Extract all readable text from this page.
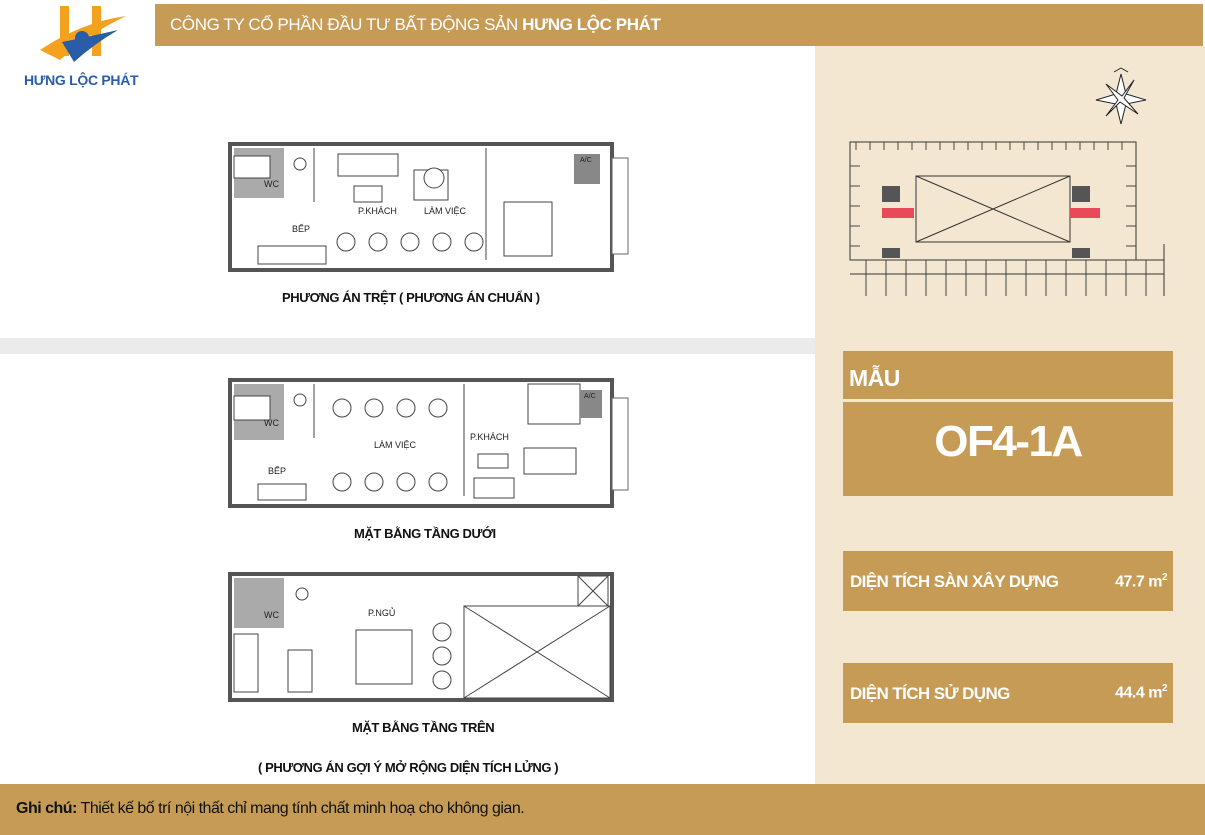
CÔNG TY CỔ PHẦN ĐẦU TƯ BẤT ĐỘNG SẢN HƯNG LỘC PHÁT
HƯNG LỘC PHÁT
WC
BẾP
P.KHÁCH	LÀM VIỆC
A/C
PHƯƠNG ÁN TRỆT ( PHƯƠNG ÁN CHUẨN )
WC
BẾP
LÀM VIỆC
P.KHÁCH
A/C
MẶT BẰNG TẦNG DƯỚI
WC	P.NGỦ
MẶT BẰNG TẦNG TRÊN
( PHƯƠNG ÁN GỢI Ý MỞ RỘNG DIỆN TÍCH LỬNG )
MẪU
OF4-1A
DIỆN TÍCH SÀN XÂY DỰNG	47.7 $m^2$
DIỆN TÍCH SỬ DỤNG	44.4 $m^2$
Ghi chú: Thiết kế bố trí nội thất chỉ mang tính chất minh hoạ cho không gian.
